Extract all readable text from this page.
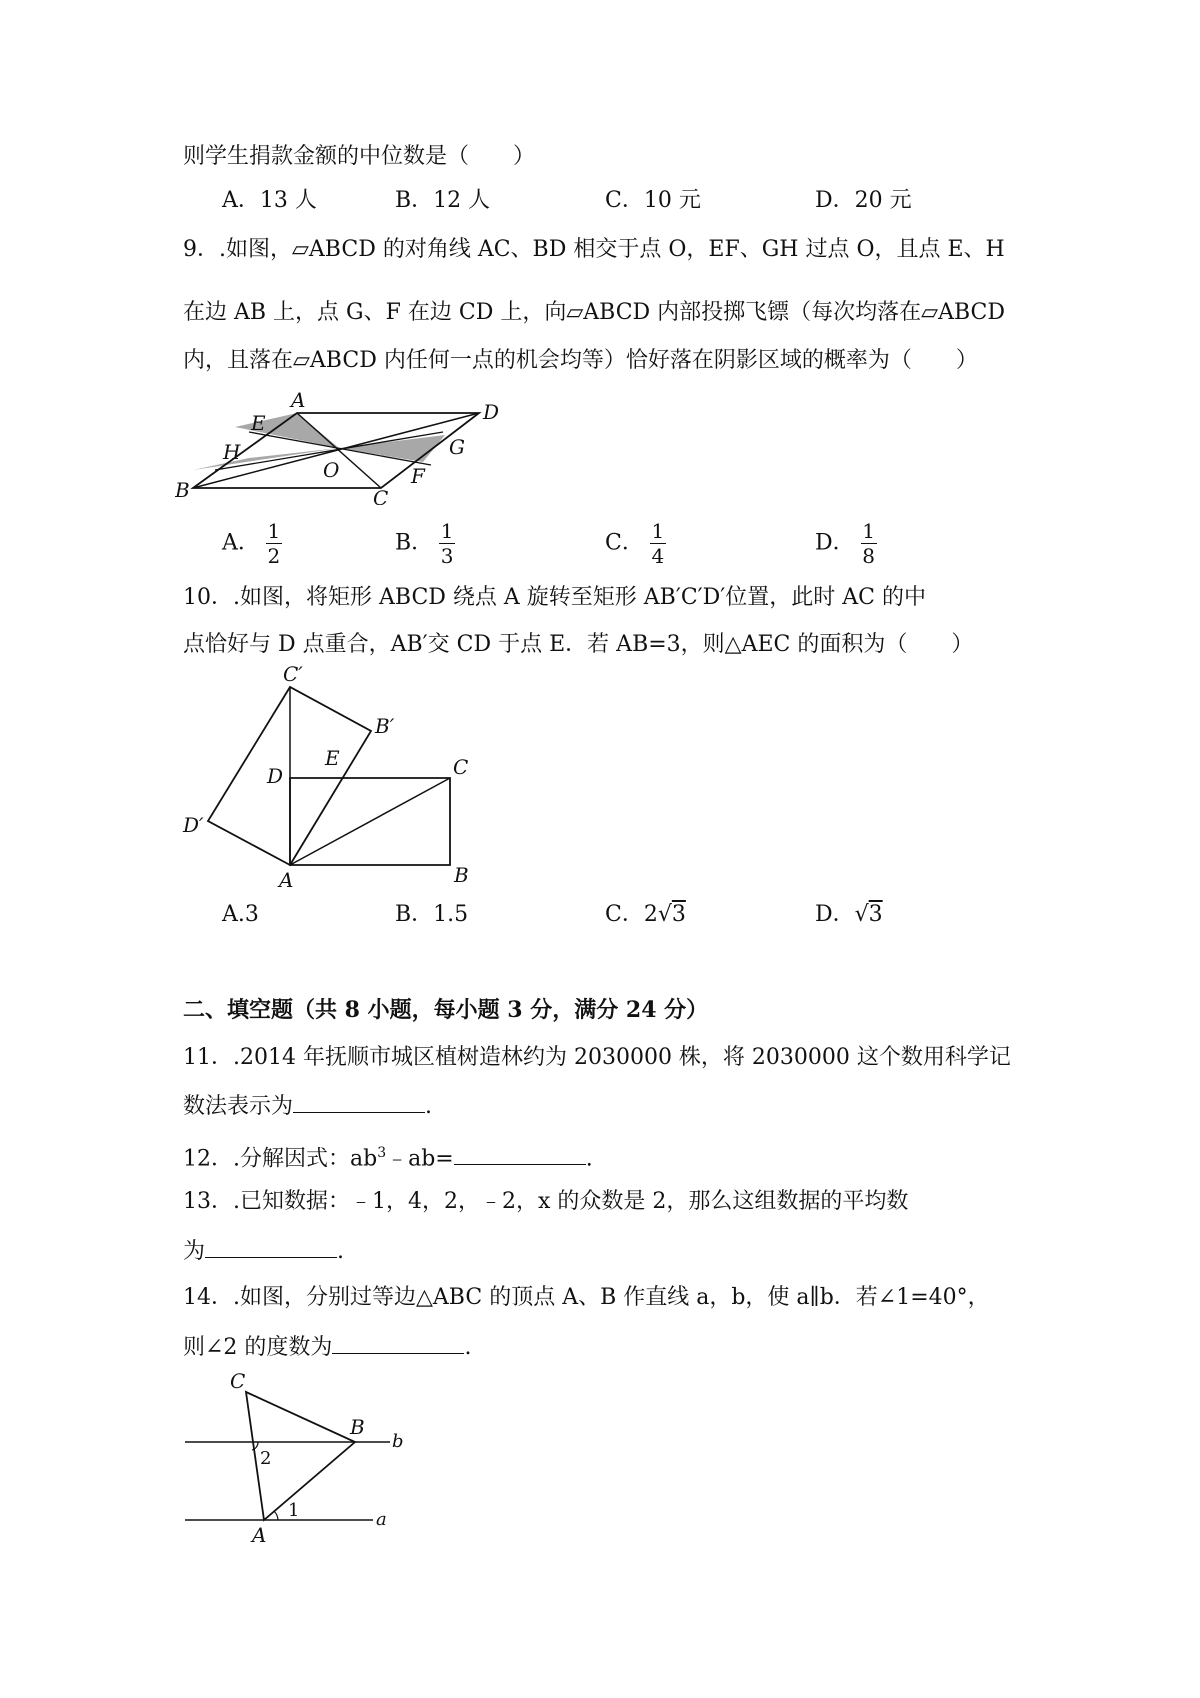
则学生捐款金额的中位数是（　　）
A．13 人	B．12 人	C．10 元	D．20 元
9．.如图，▱ABCD 的对角线 AC、BD 相交于点 O，EF、GH 过点 O，且点 E、H
在边 AB 上，点 G、F 在边 CD 上，向▱ABCD 内部投掷飞镖（每次均落在▱ABCD
内，且落在▱ABCD 内任何一点的机会均等）恰好落在阴影区域的概率为（　　）
A	D
E
H	G
O	F
B	C
A． $\frac{1}{2}$	B． $\frac{1}{3}$	C． $\frac{1}{4}$	D． $\frac{1}{8}$
10．.如图，将矩形 ABCD 绕点 A 旋转至矩形 AB′C′D′位置，此时 AC 的中
点恰好与 D 点重合，AB′交 CD 于点 E．若 AB=3，则△AEC 的面积为（　　）
C′
B′
E
D	C
D′
A	B
A.3	B．1.5	C．2√3	D．√3
二、填空题（共 8 小题，每小题 3 分，满分 24 分）
11．.2014 年抚顺市城区植树造林约为 2030000 株，将 2030000 这个数用科学记
数法表示为	.
12．.分解因式：$ab^3﹣ab=$	.
13．.已知数据：﹣1，4，2，﹣2，x 的众数是 2，那么这组数据的平均数
为	.
14．.如图，分别过等边△ABC 的顶点 A、B 作直线 a，b，使 a∥b．若∠1=40°，
则∠2 的度数为	.
C
B
b
2
1	a
A
